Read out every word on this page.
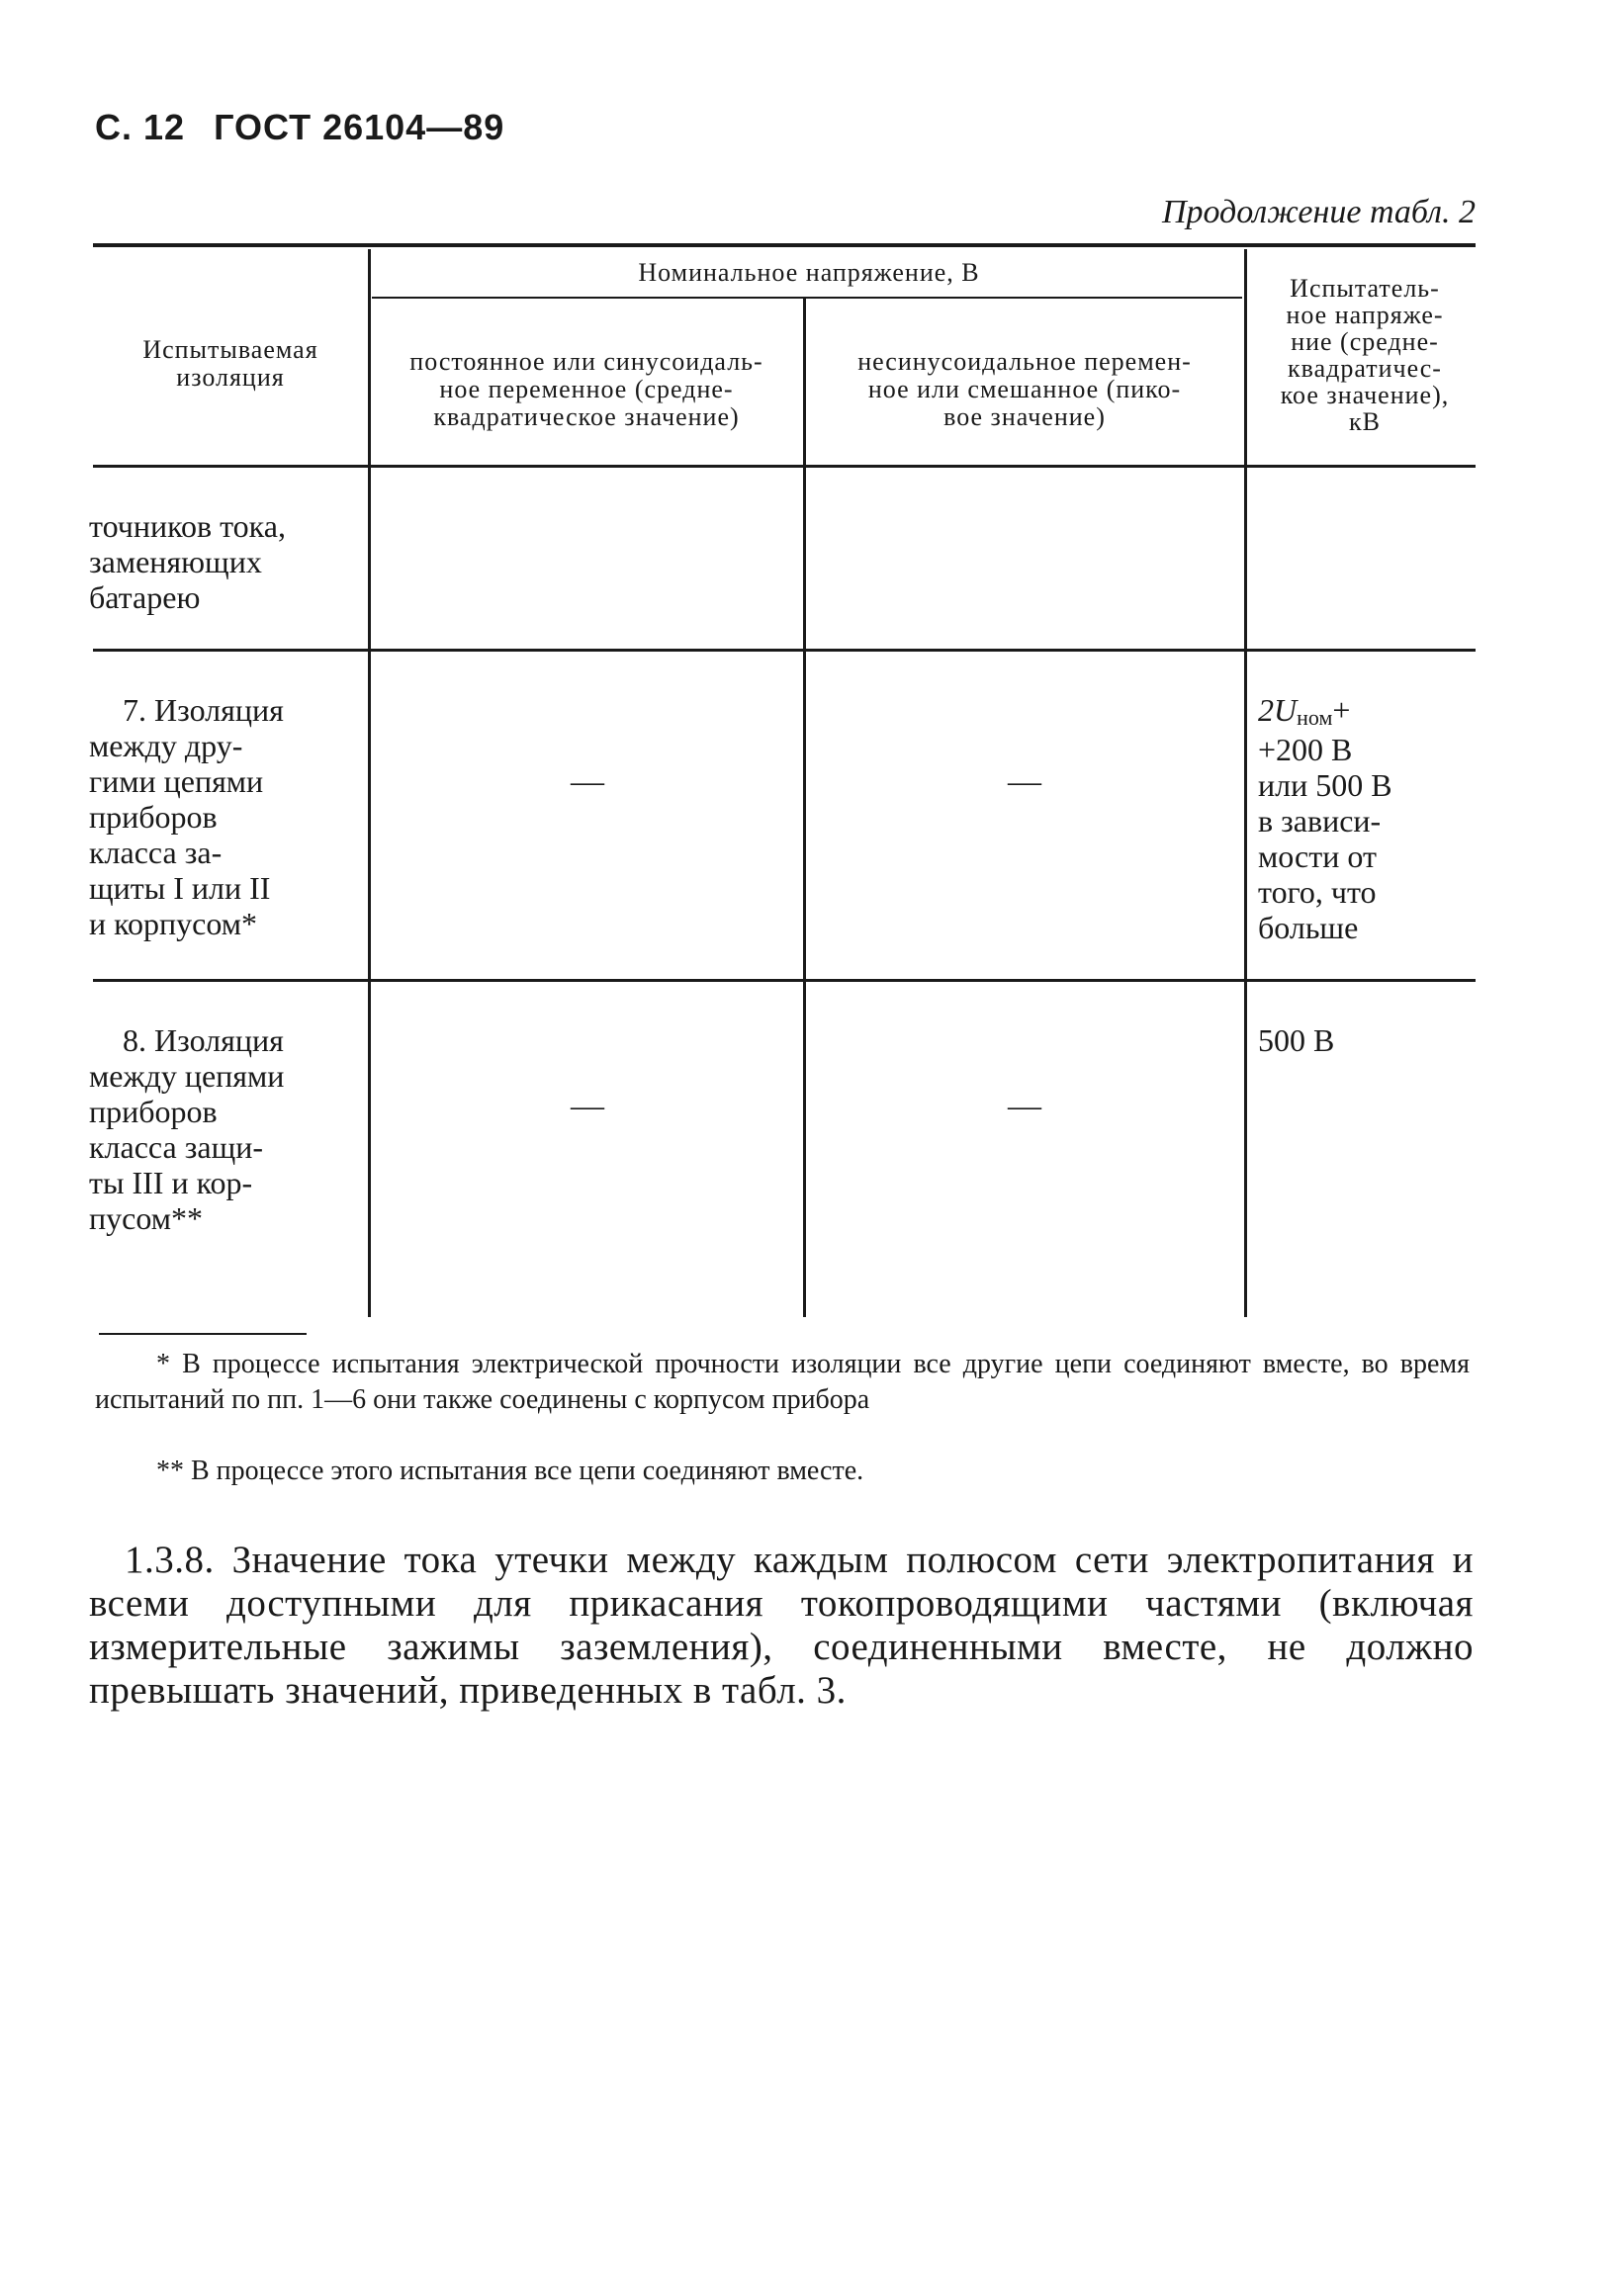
С. 12 ГОСТ 26104—89
Продолжение табл. 2
Испытываемая
изоляция
Номинальное напряжение, В
постоянное или синусоидаль-
ное переменное (средне-
квадратическое значение)
несинусоидальное перемен-
ное или смешанное (пико-
вое значение)
Испытатель-
ное напряже-
ние (средне-
квадратичес-
кое значение),
кВ
точников тока,
заменяющих
батарею
7. Изоляция
между дру-
гими цепями
приборов
класса за-
щиты I или II
и корпусом*
—	—
$2U_{ном}+$
+200 В
или 500 В
в зависи-
мости от
того, что
больше
8. Изоляция
между цепями
приборов
класса защи-
ты III и кор-
пусом**
—	—
500 В
* В процессе испытания электрической прочности изоляции все другие цепи соединяют вместе, во время испытаний по пп. 1—6 они также соединены с корпусом прибора
** В процессе этого испытания все цепи соединяют вместе.
1.3.8. Значение тока утечки между каждым полюсом сети электропитания и всеми доступными для прикасания токопроводящими частями (включая измерительные зажимы заземления), соединенными вместе, не должно превышать значений, приведенных в табл. 3.
